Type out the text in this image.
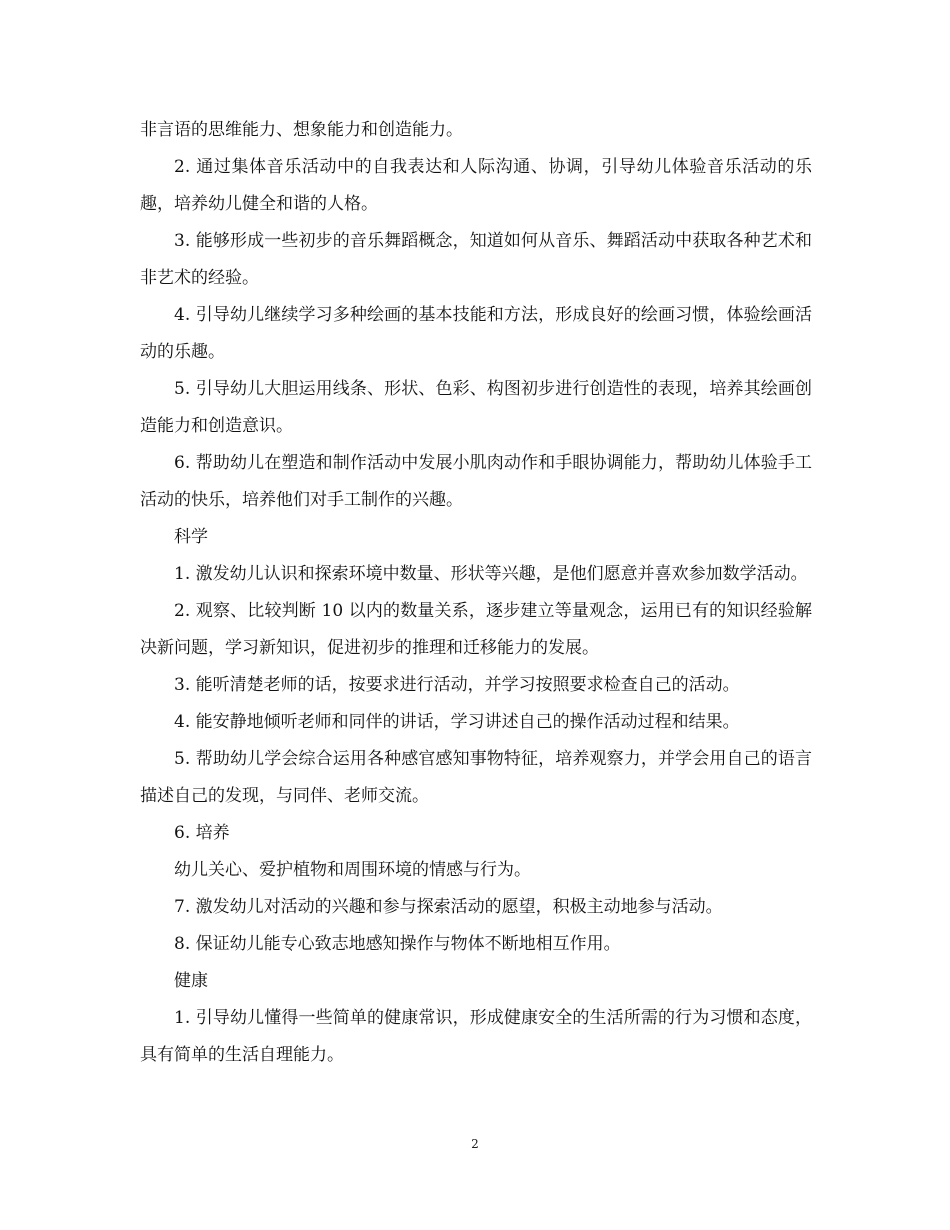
非言语的思维能力、想象能力和创造能力。

2. 通过集体音乐活动中的自我表达和人际沟通、协调，引导幼儿体验音乐活动的乐趣，培养幼儿健全和谐的人格。

3. 能够形成一些初步的音乐舞蹈概念，知道如何从音乐、舞蹈活动中获取各种艺术和非艺术的经验。

4. 引导幼儿继续学习多种绘画的基本技能和方法，形成良好的绘画习惯，体验绘画活动的乐趣。

5. 引导幼儿大胆运用线条、形状、色彩、构图初步进行创造性的表现，培养其绘画创造能力和创造意识。

6. 帮助幼儿在塑造和制作活动中发展小肌肉动作和手眼协调能力，帮助幼儿体验手工活动的快乐，培养他们对手工制作的兴趣。

科学

1. 激发幼儿认识和探索环境中数量、形状等兴趣，是他们愿意并喜欢参加数学活动。

2. 观察、比较判断 10 以内的数量关系，逐步建立等量观念，运用已有的知识经验解决新问题，学习新知识，促进初步的推理和迁移能力的发展。

3. 能听清楚老师的话，按要求进行活动，并学习按照要求检查自己的活动。

4. 能安静地倾听老师和同伴的讲话，学习讲述自己的操作活动过程和结果。

5. 帮助幼儿学会综合运用各种感官感知事物特征，培养观察力，并学会用自己的语言描述自己的发现，与同伴、老师交流。

6. 培养

幼儿关心、爱护植物和周围环境的情感与行为。

7. 激发幼儿对活动的兴趣和参与探索活动的愿望，积极主动地参与活动。

8. 保证幼儿能专心致志地感知操作与物体不断地相互作用。

健康

1. 引导幼儿懂得一些简单的健康常识，形成健康安全的生活所需的行为习惯和态度，具有简单的生活自理能力。

2
